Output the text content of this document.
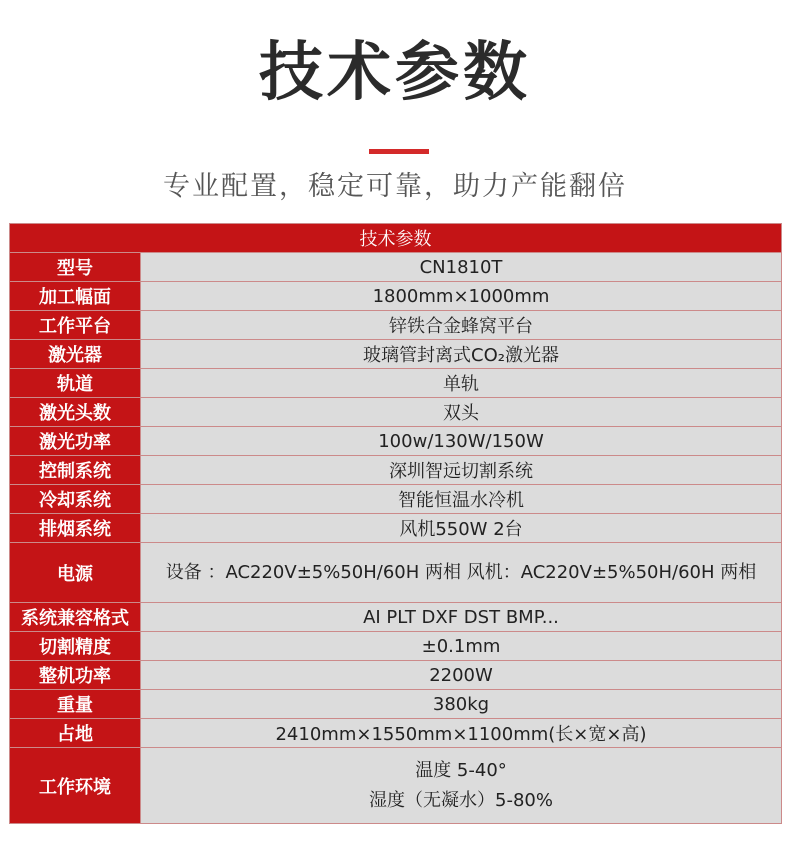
技术参数
专业配置，稳定可靠，助力产能翻倍
技术参数	
型号	CN1810T
加工幅面	1800mm×1000mm
工作平台	锌铁合金蜂窝平台
激光器	玻璃管封离式CO₂激光器
轨道	单轨
激光头数	双头
激光功率	100w/130W/150W
控制系统	深圳智远切割系统
冷却系统	智能恒温水冷机
排烟系统	风机550W 2台
电源	设备 ：AC220V±5%50H/60H 两相 风机：AC220V±5%50H/60H 两相
系统兼容格式	AI PLT DXF DST BMP...
切割精度	±0.1mm
整机功率	2200W
重量	380kg
占地	2410mm×1550mm×1100mm(长×宽×高)
工作环境	温度 5-40°
湿度（无凝水）5-80%
